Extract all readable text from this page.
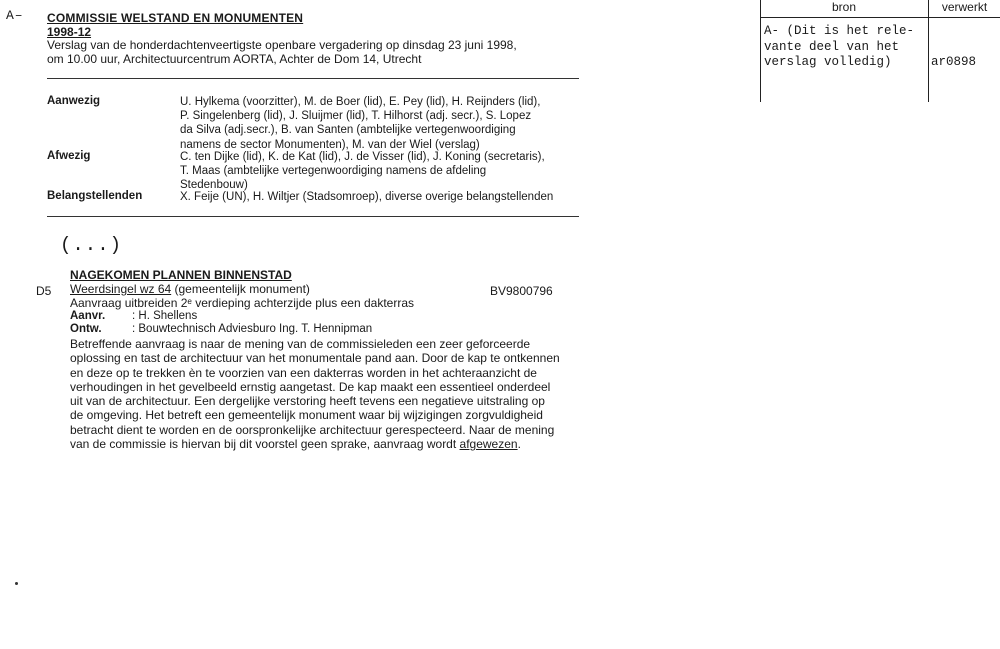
A– COMMISSIE WELSTAND EN MONUMENTEN
1998-12
Verslag van de honderdachtenveertigste openbare vergadering op dinsdag 23 juni 1998,
om 10.00 uur, Architectuurcentrum AORTA, Achter de Dom 14, Utrecht
Aanwezig	U. Hylkema (voorzitter), M. de Boer (lid), E. Pey (lid), H. Reijnders (lid),
P. Singelenberg (lid), J. Sluijmer (lid), T. Hilhorst (adj. secr.), S. Lopez
da Silva (adj.secr.), B. van Santen (ambtelijke vertegenwoordiging
namens de sector Monumenten), M. van der Wiel (verslag)
Afwezig	C. ten Dijke (lid), K. de Kat (lid), J. de Visser (lid), J. Koning (secretaris),
T. Maas (ambtelijke vertegenwoordiging namens de afdeling
Stedenbouw)
Belangstellenden	X. Feije (UN), H. Wiltjer (Stadsomroep), diverse overige belangstellenden
(...)
NAGEKOMEN PLANNEN BINNENSTAD
D5 Weerdsingel wz 64 (gemeentelijk monument)	BV9800796
Aanvraag uitbreiden 2ᵉ verdieping achterzijde plus een dakterras
Aanvr. : H. Shellens
Ontw.	: Bouwtechnisch Adviesburo Ing. T. Hennipman
Betreffende aanvraag is naar de mening van de commissieleden een zeer geforceerde
oplossing en tast de architectuur van het monumentale pand aan. Door de kap te ontkennen
en deze op te trekken èn te voorzien van een dakterras worden in het achteraanzicht de
verhoudingen in het gevelbeeld ernstig aangetast. De kap maakt een essentieel onderdeel
uit van de architectuur. Een dergelijke verstoring heeft tevens een negatieve uitstraling op
de omgeving. Het betreft een gemeentelijk monument waar bij wijzigingen zorgvuldigheid
betracht dient te worden en de oorspronkelijke architectuur gerespecteerd. Naar de mening
van de commissie is hiervan bij dit voorstel geen sprake, aanvraag wordt afgewezen.
bron	verwerkt
A- (Dit is het rele-
vante deel van het
verslag volledig)	ar0898
